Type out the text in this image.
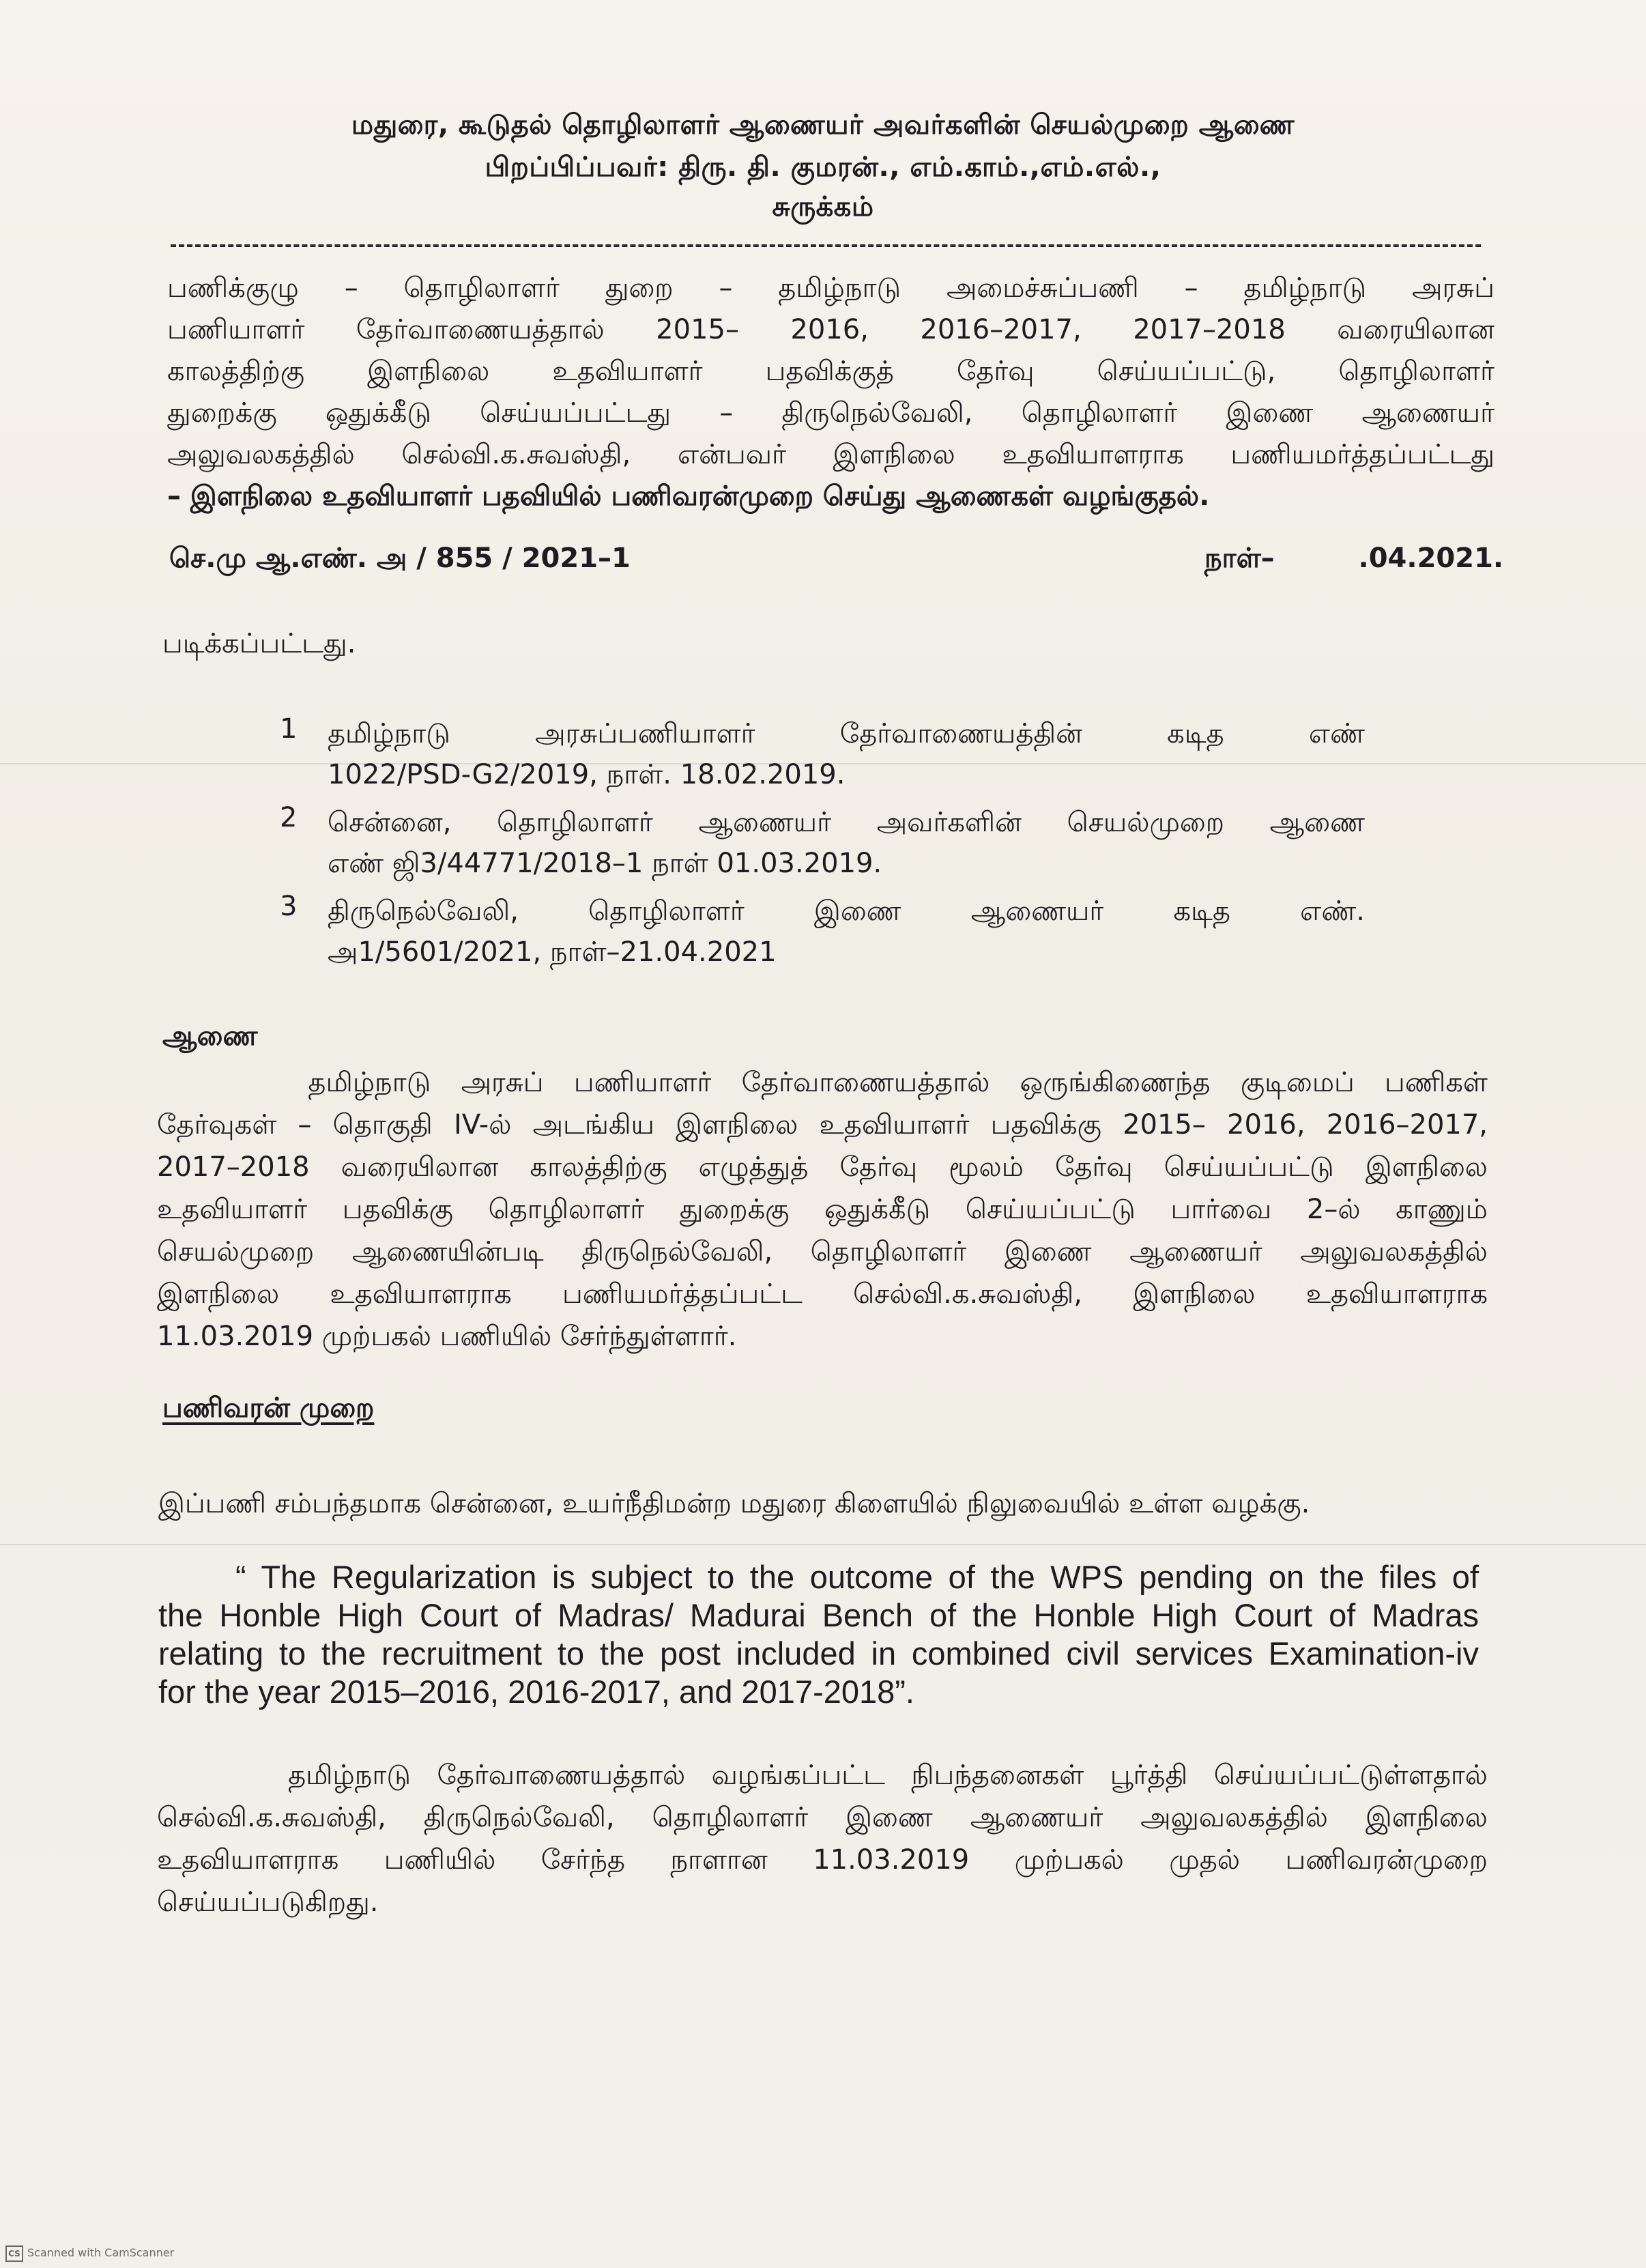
மதுரை, கூடுதல் தொழிலாளர் ஆணையர் அவர்களின் செயல்முறை ஆணை
பிறப்பிப்பவர்: திரு. தி. குமரன்., எம்.காம்.,எம்.எல்.,
சுருக்கம்
பணிக்குழு – தொழிலாளர் துறை – தமிழ்நாடு அமைச்சுப்பணி – தமிழ்நாடு அரசுப்
பணியாளர் தேர்வாணையத்தால் 2015– 2016, 2016–2017, 2017–2018 வரையிலான
காலத்திற்கு இளநிலை உதவியாளர் பதவிக்குத் தேர்வு செய்யப்பட்டு, தொழிலாளர்
துறைக்கு ஒதுக்கீடு செய்யப்பட்டது – திருநெல்வேலி, தொழிலாளர் இணை ஆணையர்
அலுவலகத்தில் செல்வி.க.சுவஸ்தி, என்பவர் இளநிலை உதவியாளராக பணியமர்த்தப்பட்டது
– இளநிலை உதவியாளர் பதவியில் பணிவரன்முறை செய்து ஆணைகள் வழங்குதல்.
செ.மு ஆ.எண். அ / 855 / 2021–1	நாள்–	.04.2021.
படிக்கப்பட்டது.
1	தமிழ்நாடு அரசுப்பணியாளர் தேர்வாணையத்தின் கடித எண்
1022/PSD-G2/2019, நாள். 18.02.2019.
2	சென்னை, தொழிலாளர் ஆணையர் அவர்களின் செயல்முறை ஆணை
எண் ஜி3/44771/2018–1 நாள் 01.03.2019.
3	திருநெல்வேலி, தொழிலாளர் இணை ஆணையர் கடித எண்.
அ1/5601/2021, நாள்–21.04.2021
ஆணை
தமிழ்நாடு அரசுப் பணியாளர் தேர்வாணையத்தால் ஒருங்கிணைந்த குடிமைப் பணிகள்
தேர்வுகள் – தொகுதி IV-ல் அடங்கிய இளநிலை உதவியாளர் பதவிக்கு 2015– 2016, 2016–2017,
2017–2018 வரையிலான காலத்திற்கு எழுத்துத் தேர்வு மூலம் தேர்வு செய்யப்பட்டு இளநிலை
உதவியாளர் பதவிக்கு தொழிலாளர் துறைக்கு ஒதுக்கீடு செய்யப்பட்டு பார்வை 2–ல் காணும்
செயல்முறை ஆணையின்படி திருநெல்வேலி, தொழிலாளர் இணை ஆணையர் அலுவலகத்தில்
இளநிலை உதவியாளராக பணியமர்த்தப்பட்ட செல்வி.க.சுவஸ்தி, இளநிலை உதவியாளராக
11.03.2019 முற்பகல் பணியில் சேர்ந்துள்ளார்.
பணிவரன் முறை
இப்பணி சம்பந்தமாக சென்னை, உயர்நீதிமன்ற மதுரை கிளையில் நிலுவையில் உள்ள வழக்கு.
“ The Regularization is subject to the outcome of the WPS pending on the files of
the Honble High Court of Madras/ Madurai Bench of the Honble High Court of Madras
relating to the recruitment to the post included in combined civil services Examination-iv
for the year 2015–2016, 2016-2017, and 2017-2018”.
தமிழ்நாடு தேர்வாணையத்தால் வழங்கப்பட்ட நிபந்தனைகள் பூர்த்தி செய்யப்பட்டுள்ளதால்
செல்வி.க.சுவஸ்தி, திருநெல்வேலி, தொழிலாளர் இணை ஆணையர் அலுவலகத்தில் இளநிலை
உதவியாளராக பணியில் சேர்ந்த நாளான 11.03.2019 முற்பகல் முதல் பணிவரன்முறை
செய்யப்படுகிறது.
CS Scanned with CamScanner
